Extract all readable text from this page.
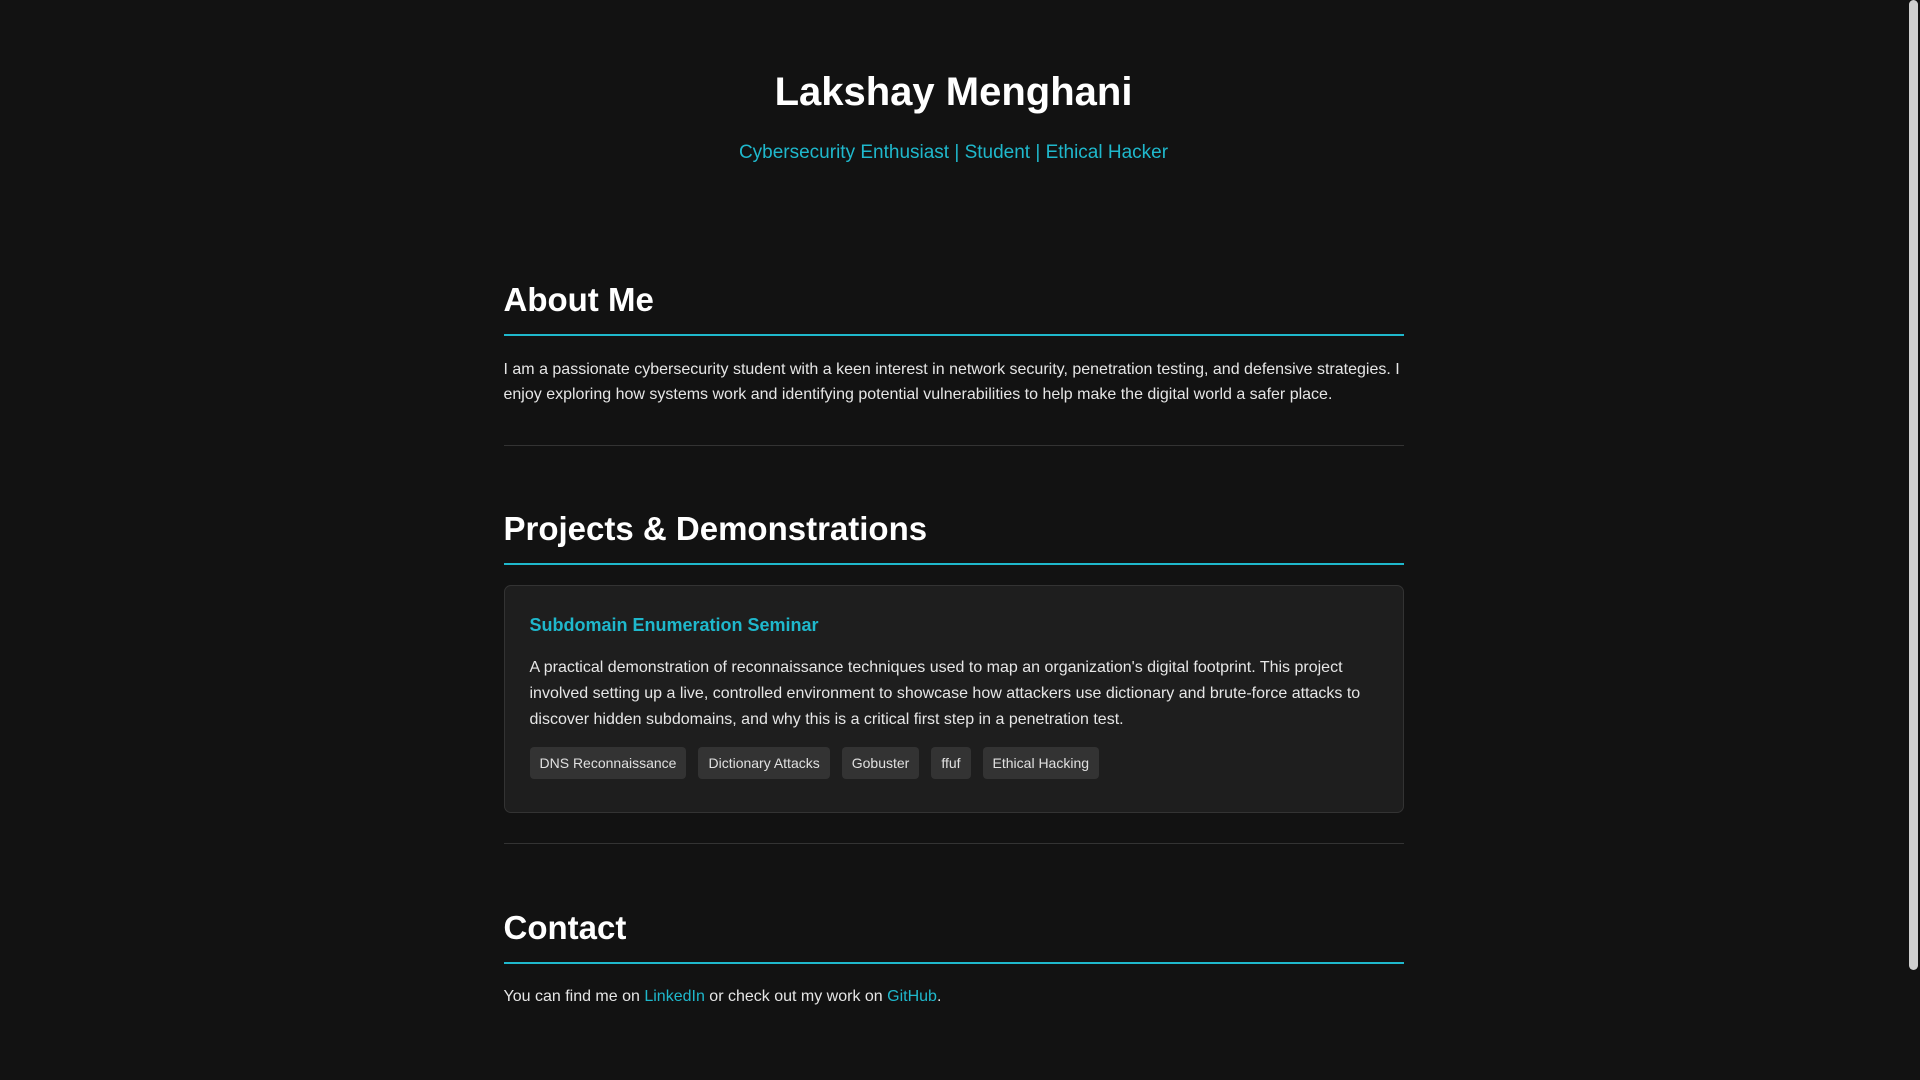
Lakshay Menghani

Cybersecurity Enthusiast | Student | Ethical Hacker

About Me

I am a passionate cybersecurity student with a keen interest in network security, penetration testing, and defensive strategies. I enjoy exploring how systems work and identifying potential vulnerabilities to help make the digital world a safer place.

Projects & Demonstrations
Subdomain Enumeration Seminar

A practical demonstration of reconnaissance techniques used to map an organization's digital footprint. This project involved setting up a live, controlled environment to showcase how attackers use dictionary and brute-force attacks to discover hidden subdomains, and why this is a critical first step in a penetration test.

DNS Reconnaissance	Dictionary Attacks	Gobuster	ffuf	Ethical Hacking
Contact

You can find me on LinkedIn or check out my work on GitHub.
